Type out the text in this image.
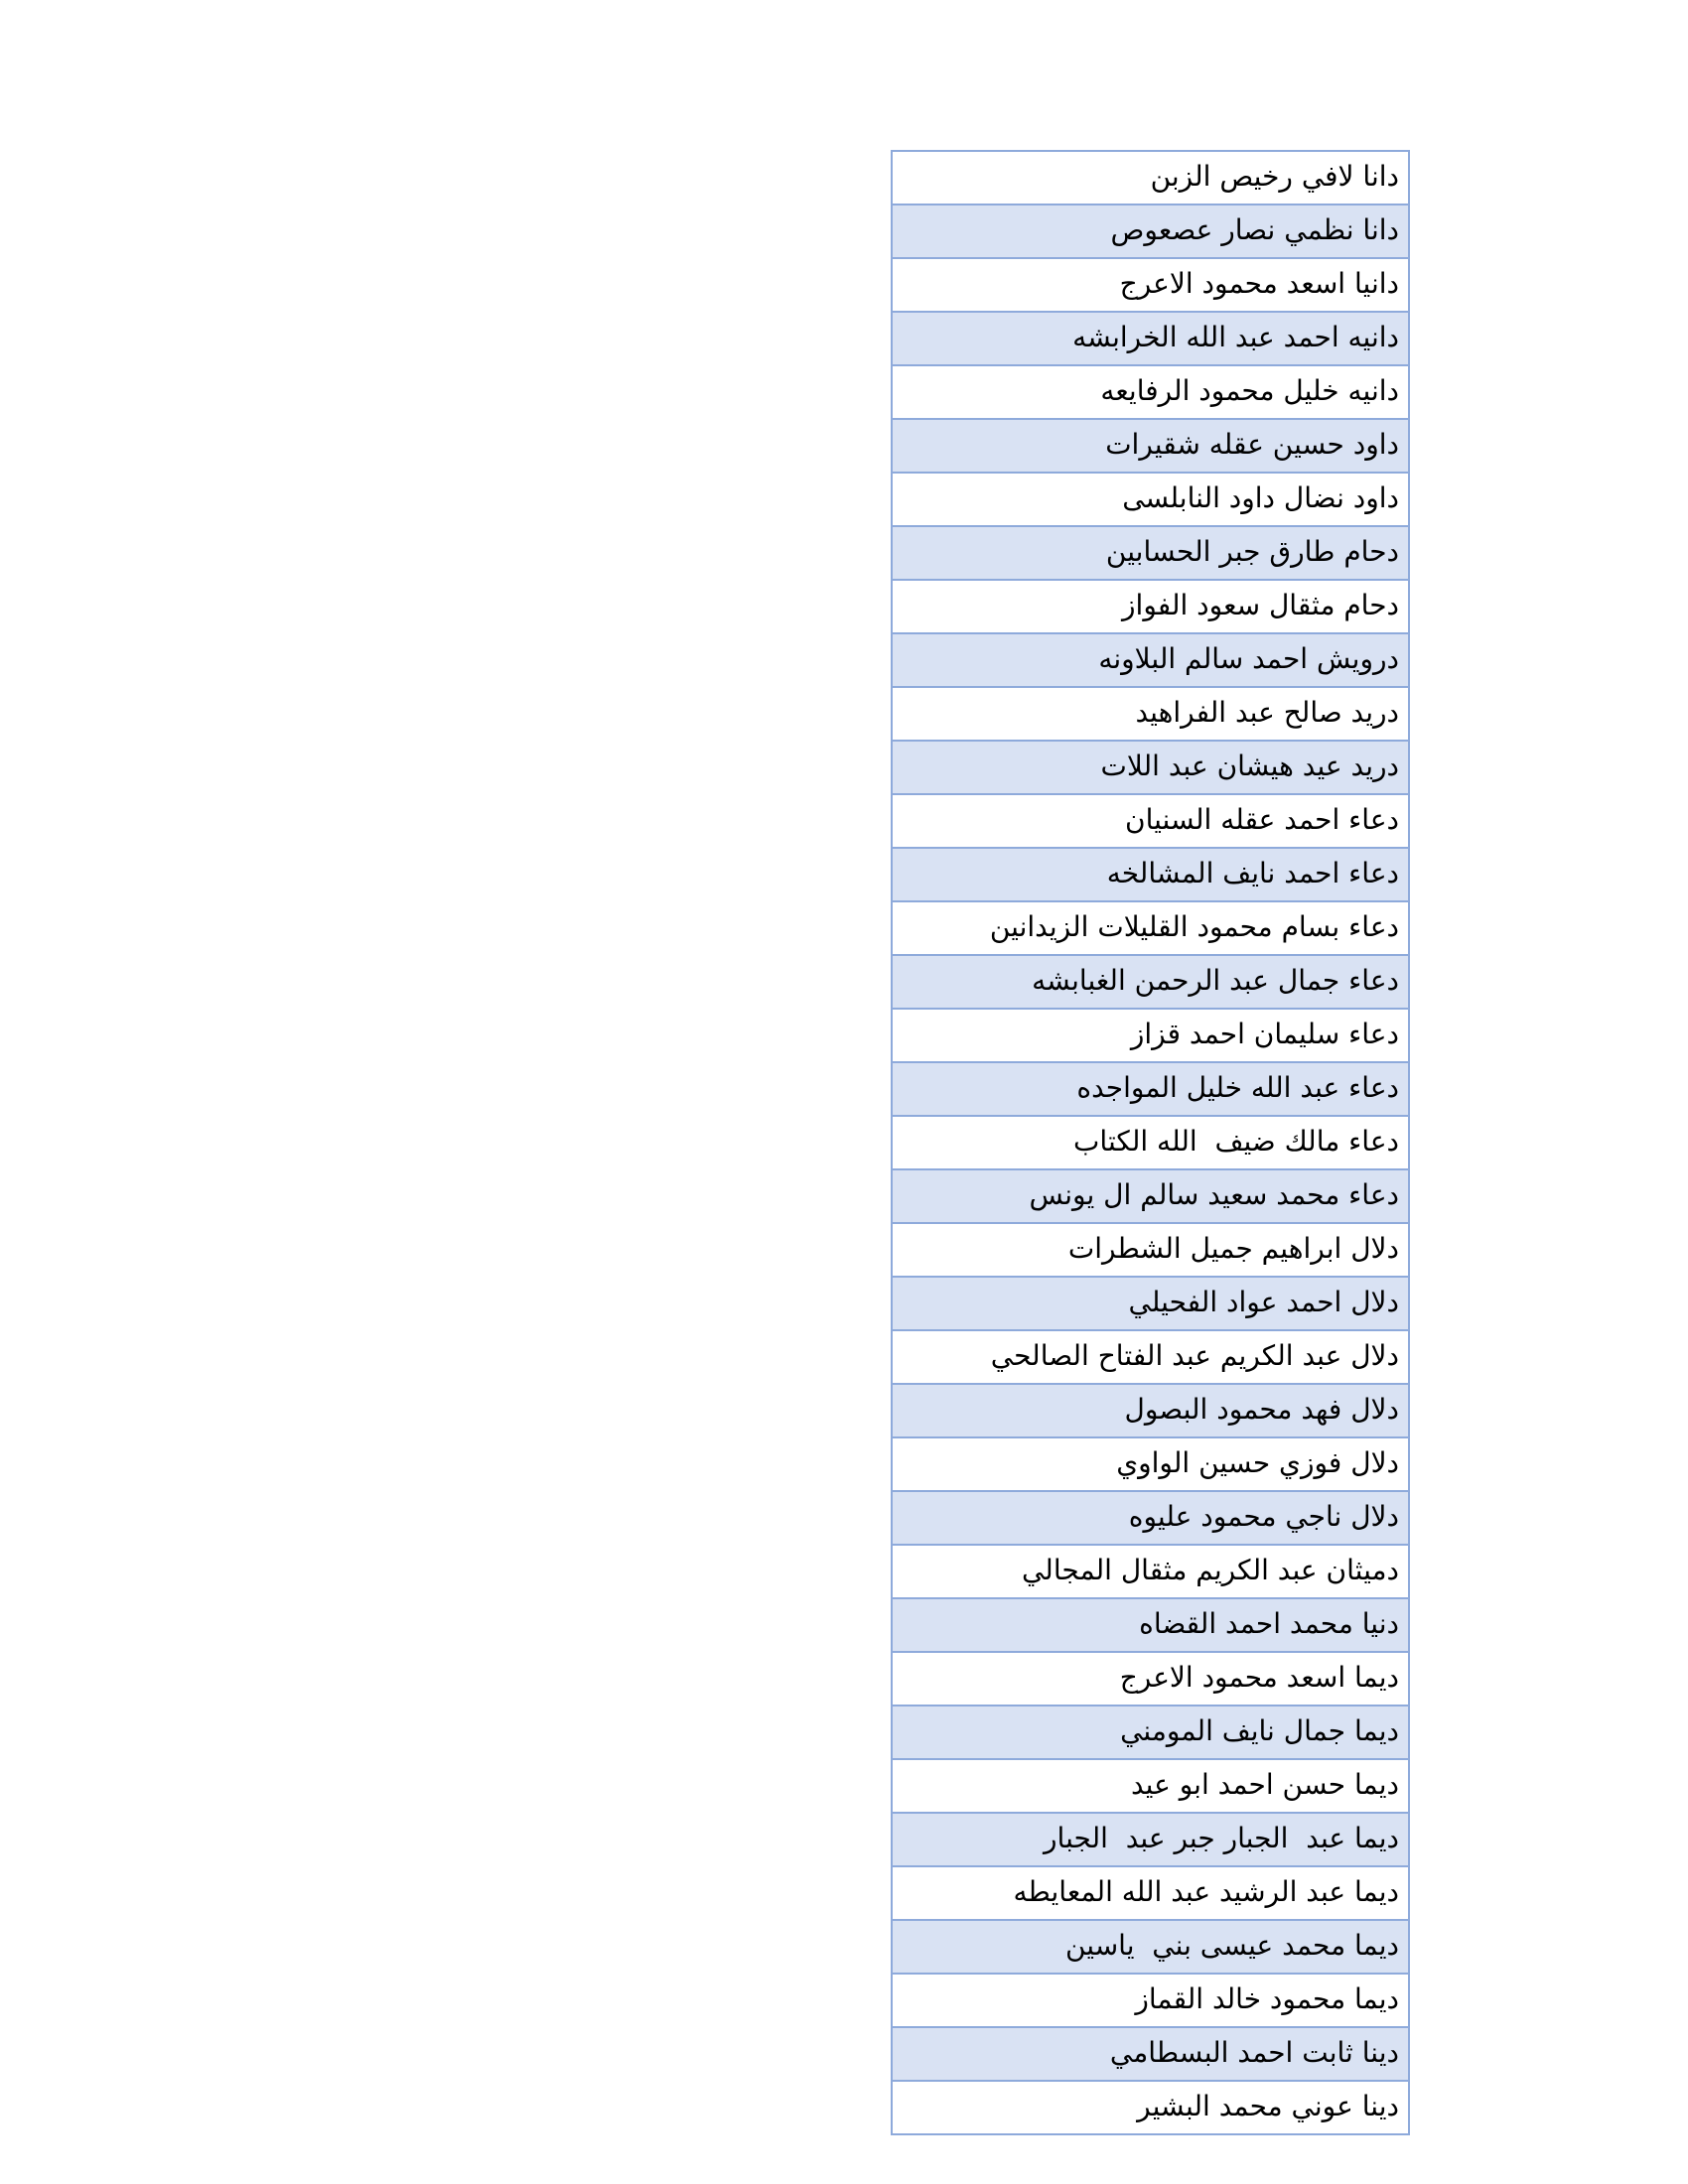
دانا لافي رخيص الزبن
دانا نظمي نصار عصعوص
دانيا اسعد محمود الاعرج
دانيه احمد عبد الله الخرابشه
دانيه خليل محمود الرفايعه
داود حسين عقله شقيرات
داود نضال داود النابلسى
دحام طارق جبر الحسابين
دحام مثقال سعود الفواز
درويش احمد سالم البلاونه
دريد صالح عبد الفراهيد
دريد عيد هيشان عبد اللات
دعاء احمد عقله السنيان
دعاء احمد نايف المشالخه
دعاء بسام محمود القليلات الزيدانين
دعاء جمال عبد الرحمن الغبابشه
دعاء سليمان احمد قزاز
دعاء عبد الله خليل المواجده
دعاء مالك ضيف  الله الكتاب
دعاء محمد سعيد سالم ال يونس
دلال ابراهيم جميل الشطرات
دلال احمد عواد الفحيلي
دلال عبد الكريم عبد الفتاح الصالحي
دلال فهد محمود البصول
دلال فوزي حسين الواوي
دلال ناجي محمود عليوه
دميثان عبد الكريم مثقال المجالي
دنيا محمد احمد القضاه
ديما اسعد محمود الاعرج
ديما جمال نايف المومني
ديما حسن احمد ابو عيد
ديما عبد  الجبار جبر عبد  الجبار
ديما عبد الرشيد عبد الله المعايطه
ديما محمد عيسى بني  ياسين
ديما محمود خالد القماز
دينا ثابت احمد البسطامي
دينا عوني محمد البشير
